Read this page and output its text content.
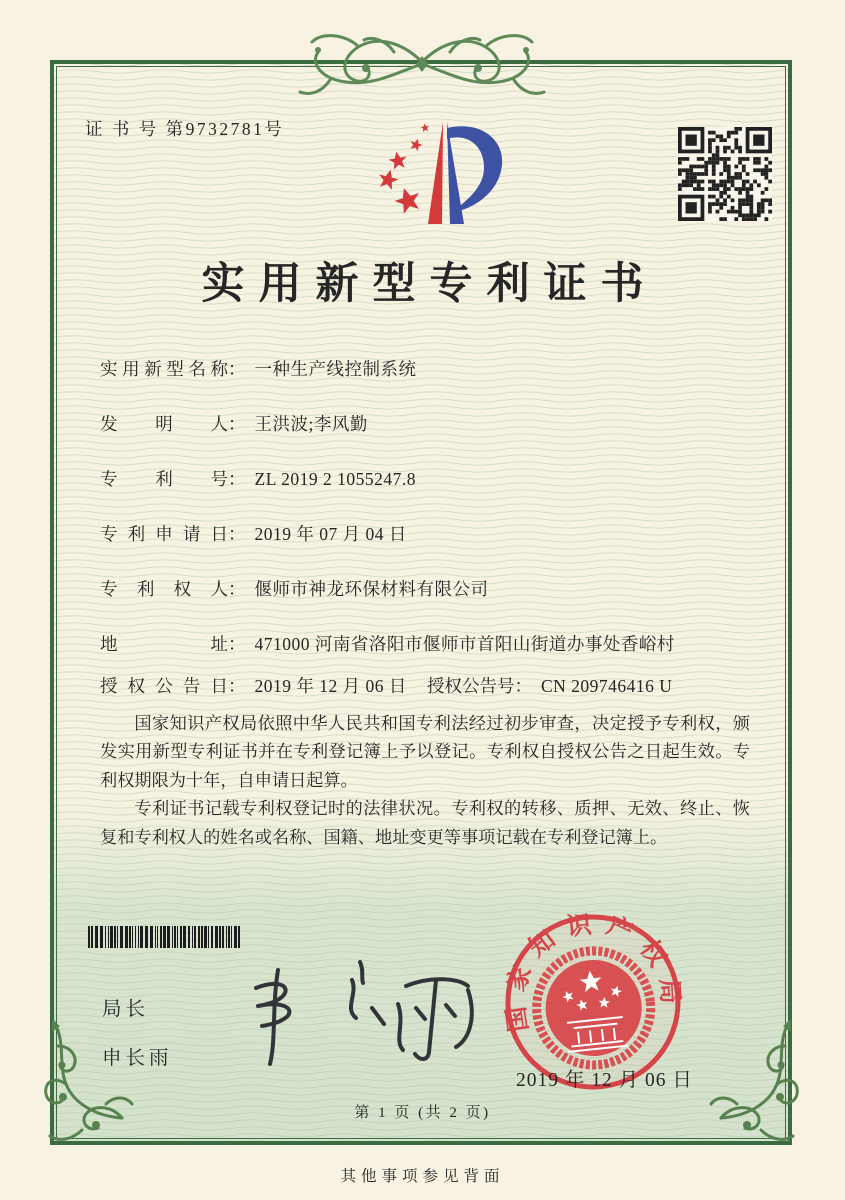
证 书 号 第9732781号
实用新型专利证书
实用新型名称： 一种生产线控制系统
发明人： 王洪波;李风勤
专利号： ZL 2019 2 1055247.8
专利申请日： 2019 年 07 月 04 日
专利权人： 偃师市神龙环保材料有限公司
地址： 471000 河南省洛阳市偃师市首阳山街道办事处香峪村
授权公告日： 2019 年 12 月 06 日 授权公告号： CN 209746416 U

国家知识产权局依照中华人民共和国专利法经过初步审查，决定授予专利权，颁发实用新型专利证书并在专利登记簿上予以登记。专利权自授权公告之日起生效。专利权期限为十年，自申请日起算。

专利证书记载专利权登记时的法律状况。专利权的转移、质押、无效、终止、恢复和专利权人的姓名或名称、国籍、地址变更等事项记载在专利登记簿上。

局长
申长雨
国家知识产权局
2019 年 12 月 06 日
第 1 页 (共 2 页)
其他事项参见背面
